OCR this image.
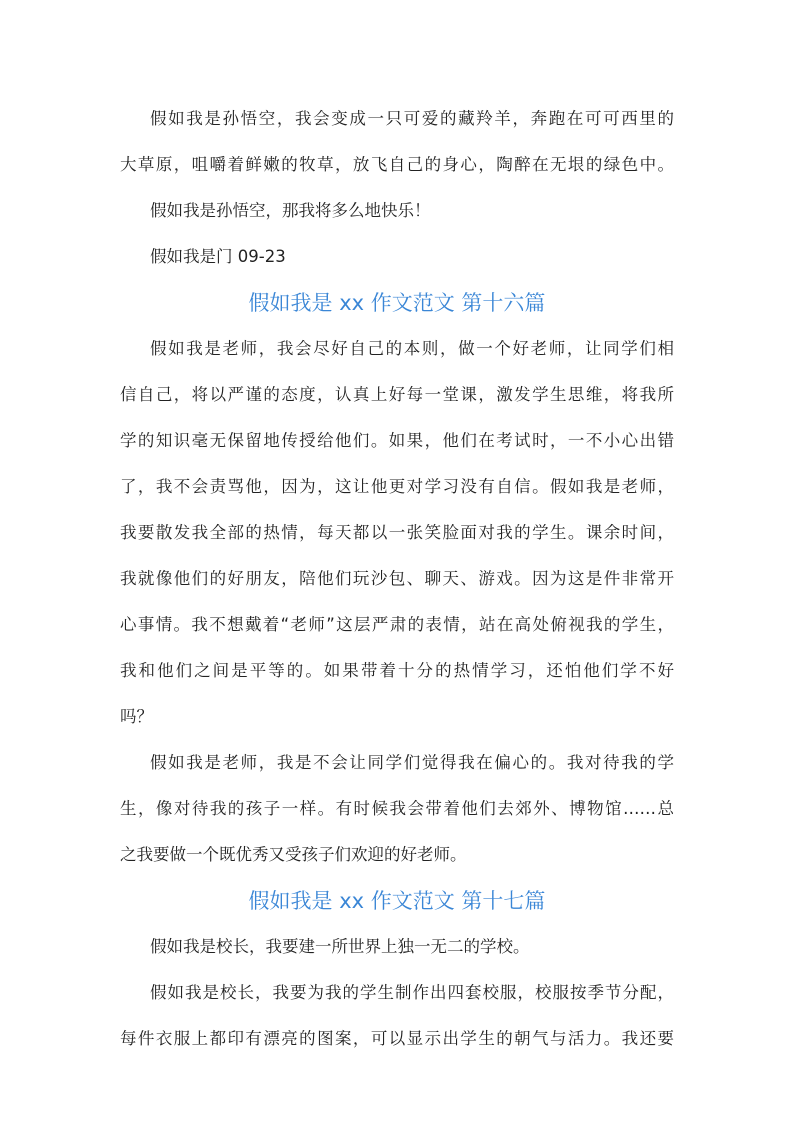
假如我是孙悟空，我会变成一只可爱的藏羚羊，奔跑在可可西里的
大草原，咀嚼着鲜嫩的牧草，放飞自己的身心，陶醉在无垠的绿色中。
假如我是孙悟空，那我将多么地快乐！
假如我是门 09-23
假如我是 xx 作文范文 第十六篇
假如我是老师，我会尽好自己的本则，做一个好老师，让同学们相
信自己，将以严谨的态度，认真上好每一堂课，激发学生思维，将我所
学的知识毫无保留地传授给他们。如果，他们在考试时，一不小心出错
了，我不会责骂他，因为，这让他更对学习没有自信。假如我是老师，
我要散发我全部的热情，每天都以一张笑脸面对我的学生。课余时间，
我就像他们的好朋友，陪他们玩沙包、聊天、游戏。因为这是件非常开
心事情。我不想戴着“老师”这层严肃的表情，站在高处俯视我的学生，
我和他们之间是平等的。如果带着十分的热情学习，还怕他们学不好
吗？
假如我是老师，我是不会让同学们觉得我在偏心的。我对待我的学
生，像对待我的孩子一样。有时候我会带着他们去郊外、博物馆……总
之我要做一个既优秀又受孩子们欢迎的好老师。
假如我是 xx 作文范文 第十七篇
假如我是校长，我要建一所世界上独一无二的学校。
假如我是校长，我要为我的学生制作出四套校服，校服按季节分配，
每件衣服上都印有漂亮的图案，可以显示出学生的朝气与活力。我还要
